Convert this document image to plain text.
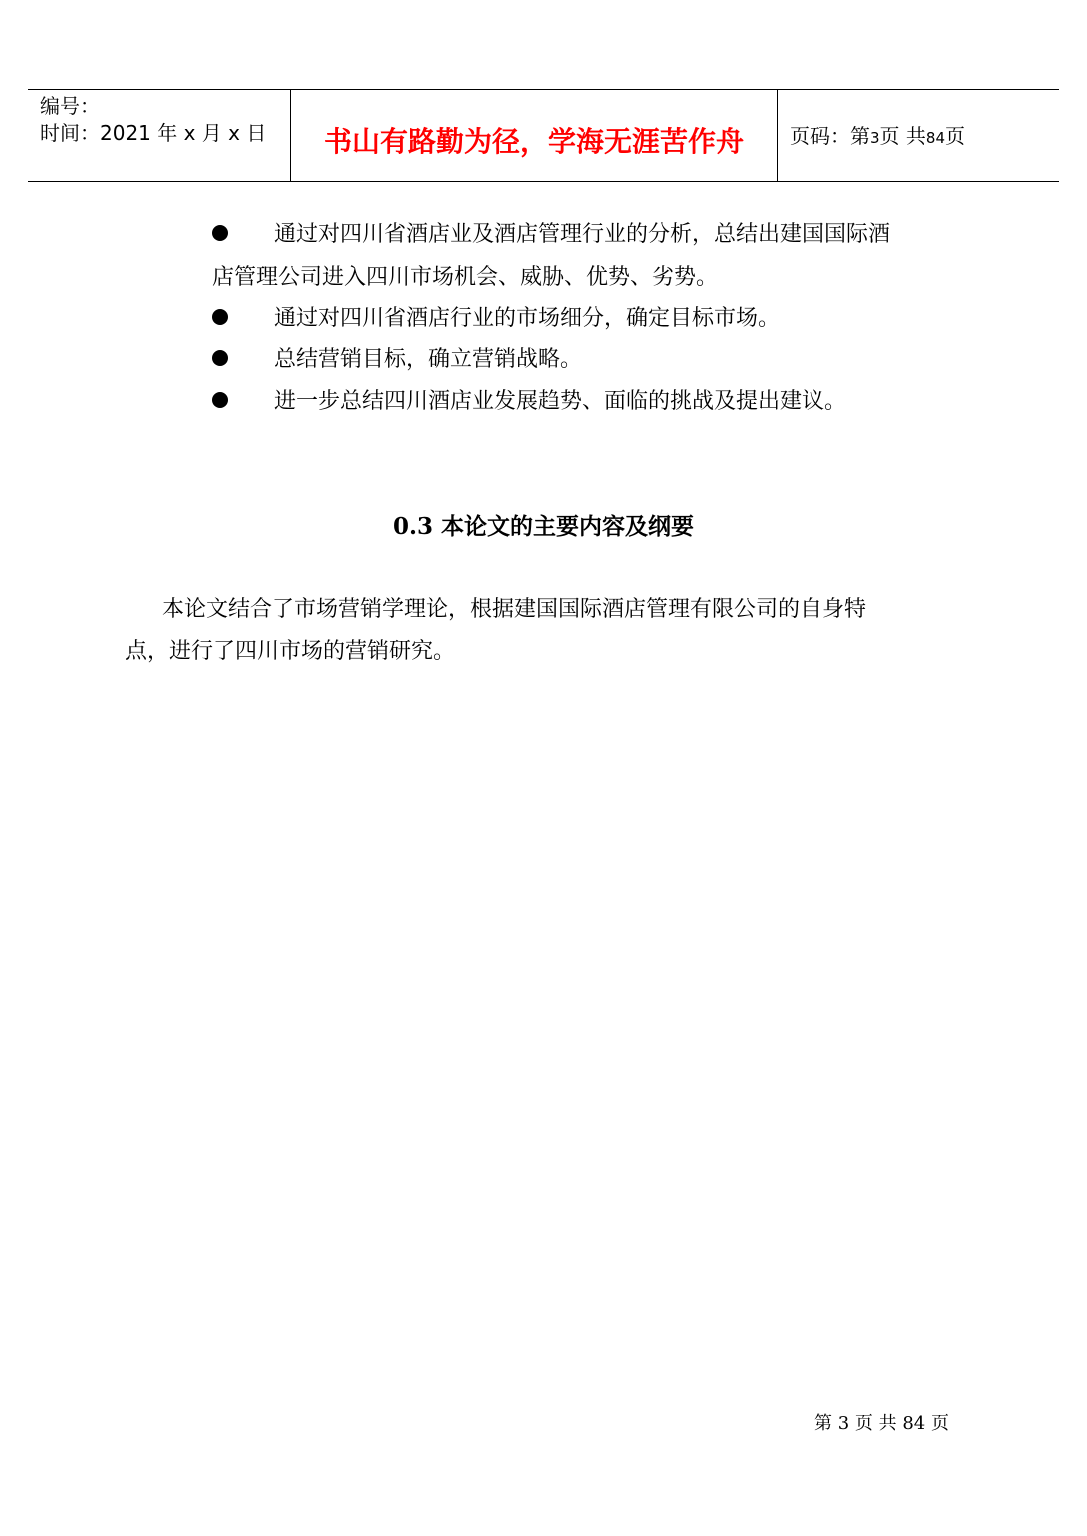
编号：
时间：2021 年 x 月 x 日	书山有路勤为径，学海无涯苦作舟	页码：第3页 共84页
通过对四川省酒店业及酒店管理行业的分析，总结出建国国际酒
店管理公司进入四川市场机会、威胁、优势、劣势。
通过对四川省酒店行业的市场细分，确定目标市场。
总结营销目标，确立营销战略。
进一步总结四川酒店业发展趋势、面临的挑战及提出建议。
0.3 本论文的主要内容及纲要
本论文结合了市场营销学理论，根据建国国际酒店管理有限公司的自身特
点，进行了四川市场的营销研究。
第 3 页 共 84 页
